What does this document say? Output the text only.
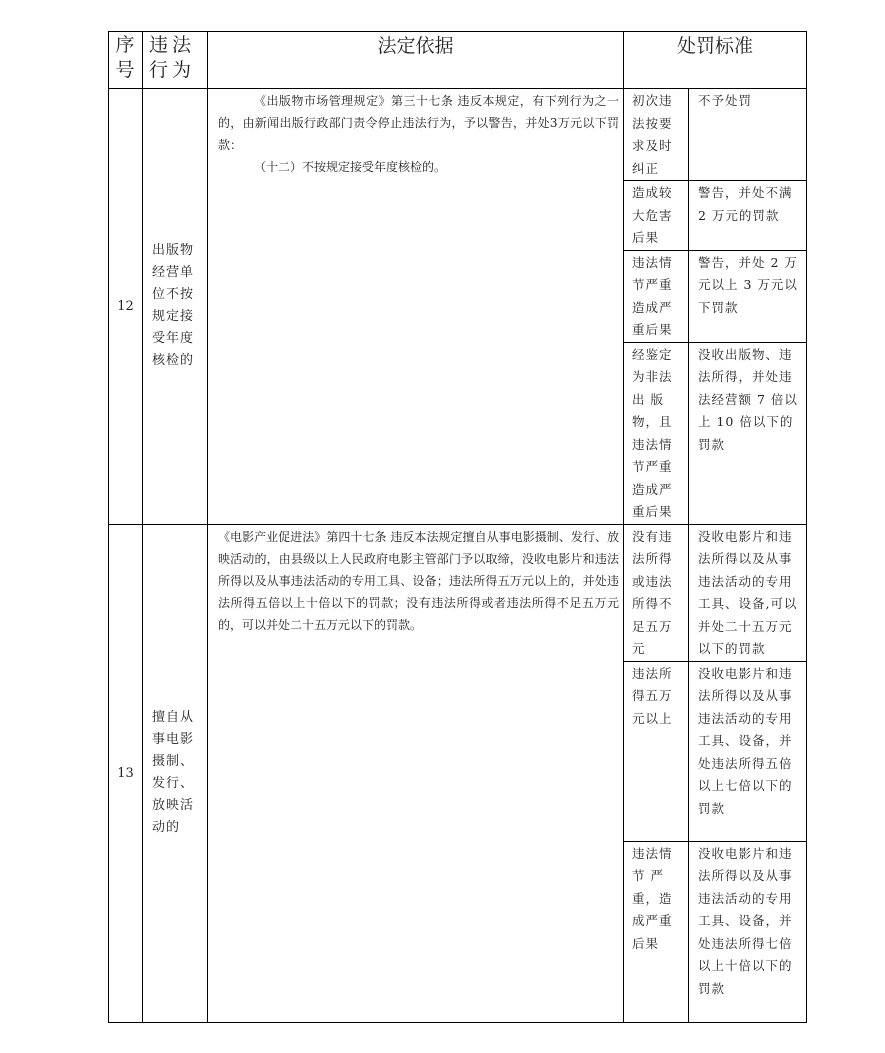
序号	违法行为	法定依据	处罚标准	
12	出版物经营单位不按规定接受年度核检的	《出版物市场管理规定》第三十七条 违反本规定，有下列行为之一的，由新闻出版行政部门责令停止违法行为，予以警告，并处3万元以下罚款：

（十二）不按规定接受年度核检的。	初次违法按要求及时纠正	不予处罚
			造成较大危害后果	警告，并处不满 2 万元的罚款
			违法情节严重造成严重后果	警告，并处 2 万元以上 3 万元以下罚款
			经鉴定为非法出 版物，且违法情节严重造成严重后果	没收出版物、违法所得，并处违法经营额 7 倍以上 10 倍以下的罚款
13	擅自从事电影摄制、发行、放映活动的	《电影产业促进法》第四十七条 违反本法规定擅自从事电影摄制、发行、放映活动的，由县级以上人民政府电影主管部门予以取缔，没收电影片和违法所得以及从事违法活动的专用工具、设备；违法所得五万元以上的，并处违法所得五倍以上十倍以下的罚款；没有违法所得或者违法所得不足五万元的，可以并处二十五万元以下的罚款。	没有违法所得或违法所得不足五万元	没收电影片和违法所得以及从事违法活动的专用工具、设备,可以并处二十五万元以下的罚款
			违法所得五万元以上	没收电影片和违法所得以及从事违法活动的专用工具、设备，并处违法所得五倍以上七倍以下的罚款
			违法情节 严重，造成严重后果	没收电影片和违法所得以及从事违法活动的专用工具、设备，并处违法所得七倍以上十倍以下的罚款
